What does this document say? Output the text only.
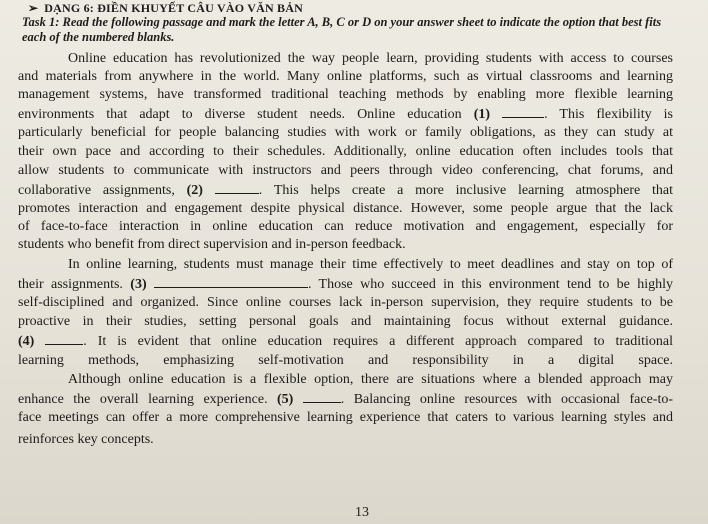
➢ DẠNG 6: ĐIỀN KHUYẾT CÂU VÀO VĂN BẢN
Task 1: Read the following passage and mark the letter A, B, C or D on your answer sheet to indicate the option that best fits each of the numbered blanks.
Online education has revolutionized the way people learn, providing students with access to courses
and materials from anywhere in the world. Many online platforms, such as virtual classrooms and learning
management systems, have transformed traditional teaching methods by enabling more flexible learning
environments that adapt to diverse student needs. Online education (1)	. This flexibility is
particularly beneficial for people balancing studies with work or family obligations, as they can study at
their own pace and according to their schedules. Additionally, online education often includes tools that
allow students to communicate with instructors and peers through video conferencing, chat forums, and
collaborative assignments, (2)	. This helps create a more inclusive learning atmosphere that
promotes interaction and engagement despite physical distance. However, some people argue that the lack
of face-to-face interaction in online education can reduce motivation and engagement, especially for
students who benefit from direct supervision and in-person feedback.
In online learning, students must manage their time effectively to meet deadlines and stay on top of
their assignments. (3)	. Those who succeed in this environment tend to be highly
self-disciplined and organized. Since online courses lack in-person supervision, they require students to be
proactive in their studies, setting personal goals and maintaining focus without external guidance.
(4)	. It is evident that online education requires a different approach compared to traditional
learning methods, emphasizing self-motivation and responsibility in a digital space.
Although online education is a flexible option, there are situations where a blended approach may
enhance the overall learning experience. (5)	. Balancing online resources with occasional face-to-
face meetings can offer a more comprehensive learning experience that caters to various learning styles and
reinforces key concepts.
13
